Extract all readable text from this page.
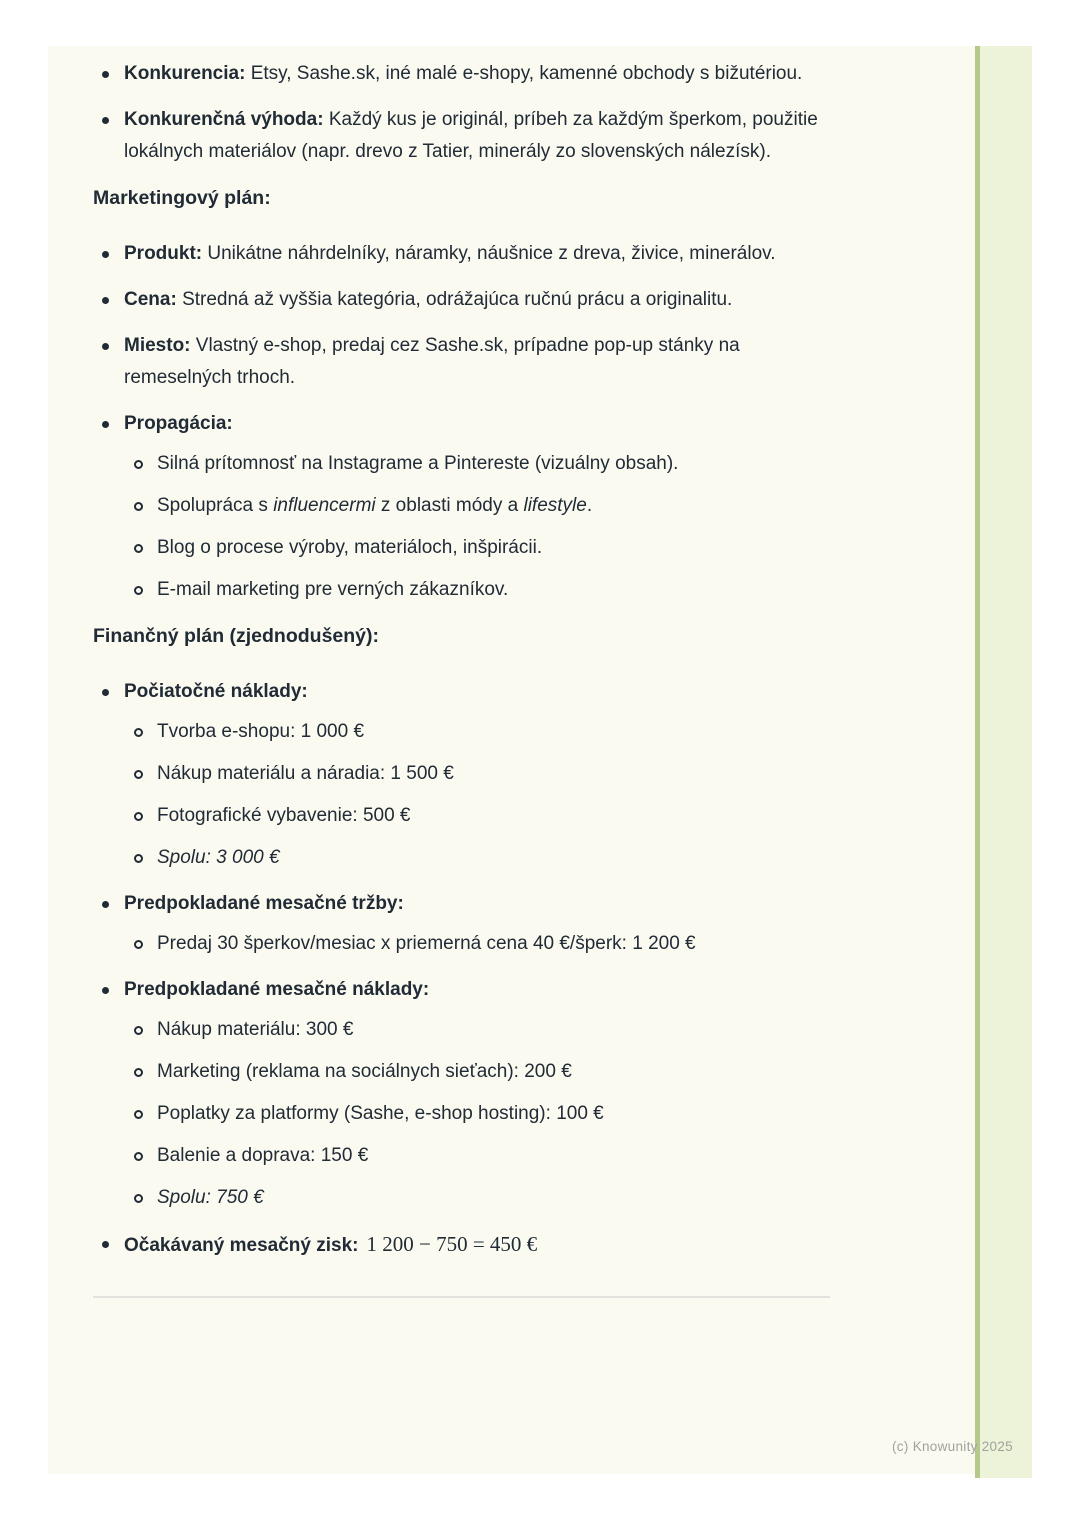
Konkurencia: Etsy, Sashe.sk, iné malé e-shopy, kamenné obchody s bižutériou.
Konkurenčná výhoda: Každý kus je originál, príbeh za každým šperkom, použitie lokálnych materiálov (napr. drevo z Tatier, minerály zo slovenských nálezísk).
Marketingový plán:
Produkt: Unikátne náhrdelníky, náramky, náušnice z dreva, živice, minerálov.
Cena: Stredná až vyššia kategória, odrážajúca ručnú prácu a originalitu.
Miesto: Vlastný e-shop, predaj cez Sashe.sk, prípadne pop-up stánky na remeselných trhoch.
Propagácia:
Silná prítomnosť na Instagrame a Pintereste (vizuálny obsah).
Spolupráca s influencermi z oblasti módy a lifestyle.
Blog o procese výroby, materiáloch, inšpirácii.
E-mail marketing pre verných zákazníkov.
Finančný plán (zjednodušený):
Počiatočné náklady:
Tvorba e-shopu: 1 000 €
Nákup materiálu a náradia: 1 500 €
Fotografické vybavenie: 500 €
Spolu: 3 000 €
Predpokladané mesačné tržby:
Predaj 30 šperkov/mesiac x priemerná cena 40 €/šperk: 1 200 €
Predpokladané mesačné náklady:
Nákup materiálu: 300 €
Marketing (reklama na sociálnych sieťach): 200 €
Poplatky za platformy (Sashe, e-shop hosting): 100 €
Balenie a doprava: 150 €
Spolu: 750 €
Očakávaný mesačný zisk: 1 200 − 750 = 450 €
(c) Knowunity 2025
